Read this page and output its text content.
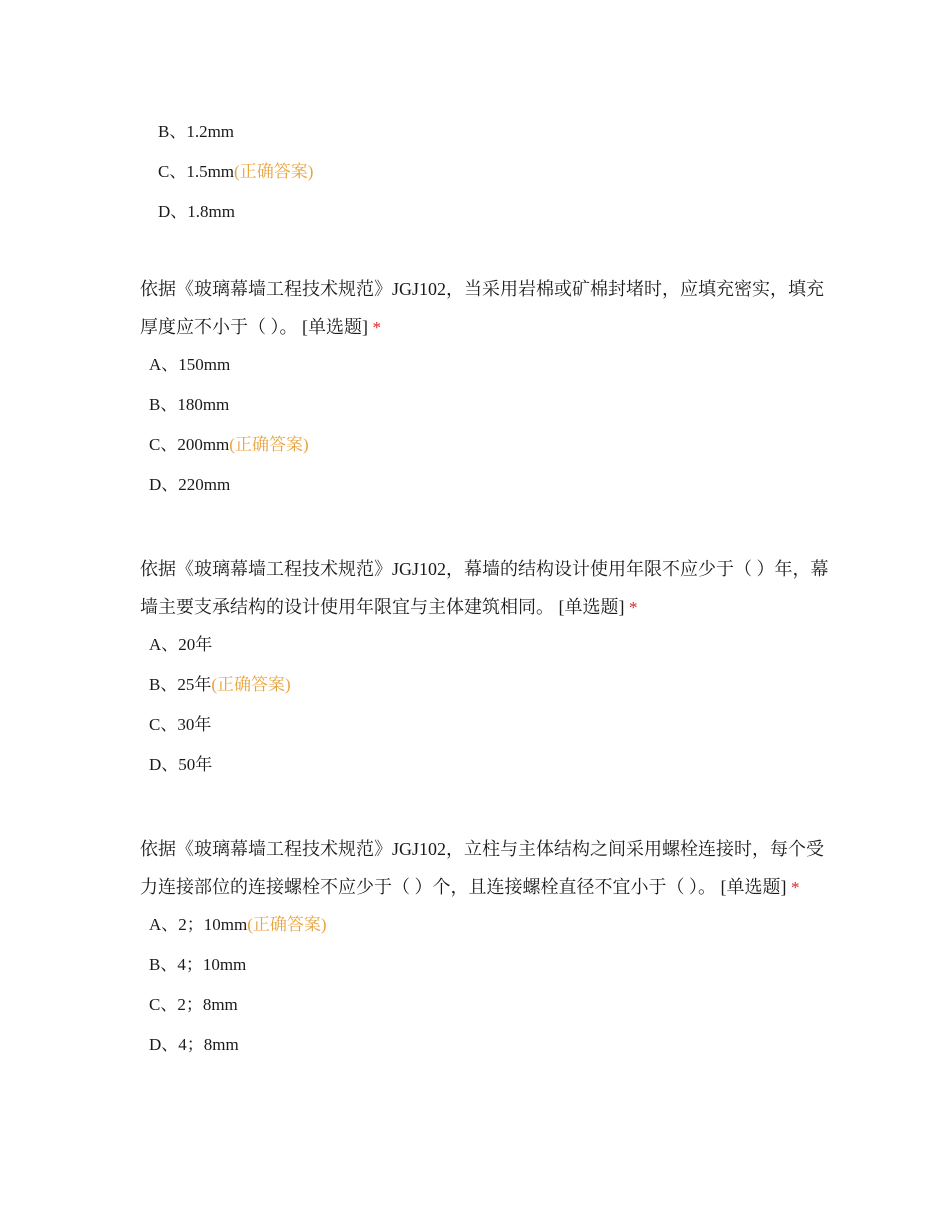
B、1.2mm
C、1.5mm(正确答案)
D、1.8mm

依据《玻璃幕墙工程技术规范》JGJ102，当采用岩棉或矿棉封堵时，应填充密实，填充厚度应不小于（ ）。 [单选题] *

A、150mm
B、180mm
C、200mm(正确答案)
D、220mm

依据《玻璃幕墙工程技术规范》JGJ102，幕墙的结构设计使用年限不应少于（ ）年，幕墙主要支承结构的设计使用年限宜与主体建筑相同。 [单选题] *

A、20年
B、25年(正确答案)
C、30年
D、50年

依据《玻璃幕墙工程技术规范》JGJ102，立柱与主体结构之间采用螺栓连接时，每个受力连接部位的连接螺栓不应少于（ ）个，且连接螺栓直径不宜小于（ ）。 [单选题] *

A、2；10mm(正确答案)
B、4；10mm
C、2；8mm
D、4；8mm
